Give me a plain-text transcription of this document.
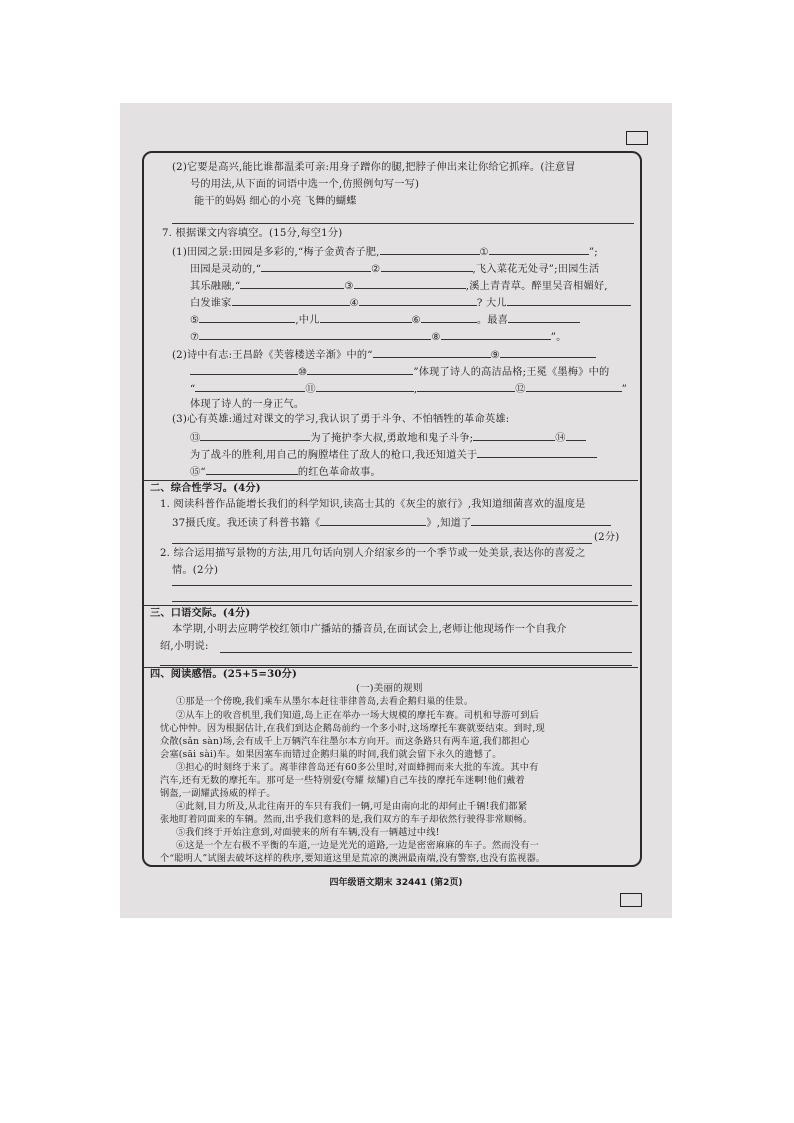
(2)它要是高兴,能比谁都温柔可亲:用身子蹭你的腿,把脖子伸出来让你给它抓痒。(注意冒
号的用法,从下面的词语中选一个,仿照例句写一写)
能干的妈妈 细心的小亮 飞舞的蝴蝶
7. 根据课文内容填空。(15分,每空1分)
(1)田园之景:田园是多彩的,“梅子金黄杏子肥,	①	”;
田园是灵动的,“	②	,飞入菜花无处寻”;田园生活
其乐融融,“	③	,溪上青青草。醉里吴音相媚好,
白发谁家	④	? 大儿
⑤	,中儿	⑥	。最喜
⑦	⑧	”。
(2)诗中有志:王昌龄《芙蓉楼送辛渐》中的“	⑨
⑩	”体现了诗人的高洁品格;王冕《墨梅》中的
“	⑪	,	⑫	”
体现了诗人的一身正气。
(3)心有英雄:通过对课文的学习,我认识了勇于斗争、不怕牺牲的革命英雄:
⑬	为了掩护李大叔,勇敢地和鬼子斗争;	⑭
为了战斗的胜利,用自己的胸膛堵住了敌人的枪口,我还知道关于
⑮“	的红色革命故事。
二、综合性学习。(4分)
1. 阅读科普作品能增长我们的科学知识,读高士其的《灰尘的旅行》,我知道细菌喜欢的温度是
37摄氏度。我还读了科普书籍《	》,知道了
(2分)
2. 综合运用描写景物的方法,用几句话向别人介绍家乡的一个季节或一处美景,表达你的喜爱之
情。(2分)
三、口语交际。(4分)
本学期,小明去应聘学校红领巾广播站的播音员,在面试会上,老师让他现场作一个自我介
绍,小明说:
四、阅读感悟。(25+5=30分)
(一)美丽的规则
①那是一个傍晚,我们乘车从墨尔本赶往菲律普岛,去看企鹅归巢的佳景。
②从车上的收音机里,我们知道,岛上正在举办一场大规模的摩托车赛。司机和导游可到后
忧心忡忡。因为根据估计,在我们到达企鹅岛前约一个多小时,这场摩托车赛就要结束。到时,现
众散(sǎn sàn)场,会有成千上万辆汽车往墨尔本方向开。而这条路只有两车道,我们都担心
会塞(sāi sài)车。如果因塞车而错过企鹅归巢的时间,我们就会留下永久的遗憾了。
③担心的时刻终于来了。离菲律普岛还有60多公里时,对面蜂拥而来大批的车流。其中有
汽车,还有无数的摩托车。那可是一些特别爱(夸耀 炫耀)自己车技的摩托车迷啊!他们戴着
钢盔,一副耀武扬威的样子。
④此刻,目力所及,从北往南开的车只有我们一辆,可是由南向北的却何止千辆!我们都紧
张地盯着同面来的车辆。然而,出乎我们意料的是,我们双方的车子却依然行驶得非常顺畅。
⑤我们终于开始注意到,对面驶来的所有车辆,没有一辆越过中线!
⑥这是一个左右极不平衡的车道,一边是光光的道路,一边是密密麻麻的车子。然而没有一
个“聪明人”试图去破坏这样的秩序,要知道这里是荒凉的澳洲最南端,没有警察,也没有监视器。
四年级语文期末 32441 (第2页)
